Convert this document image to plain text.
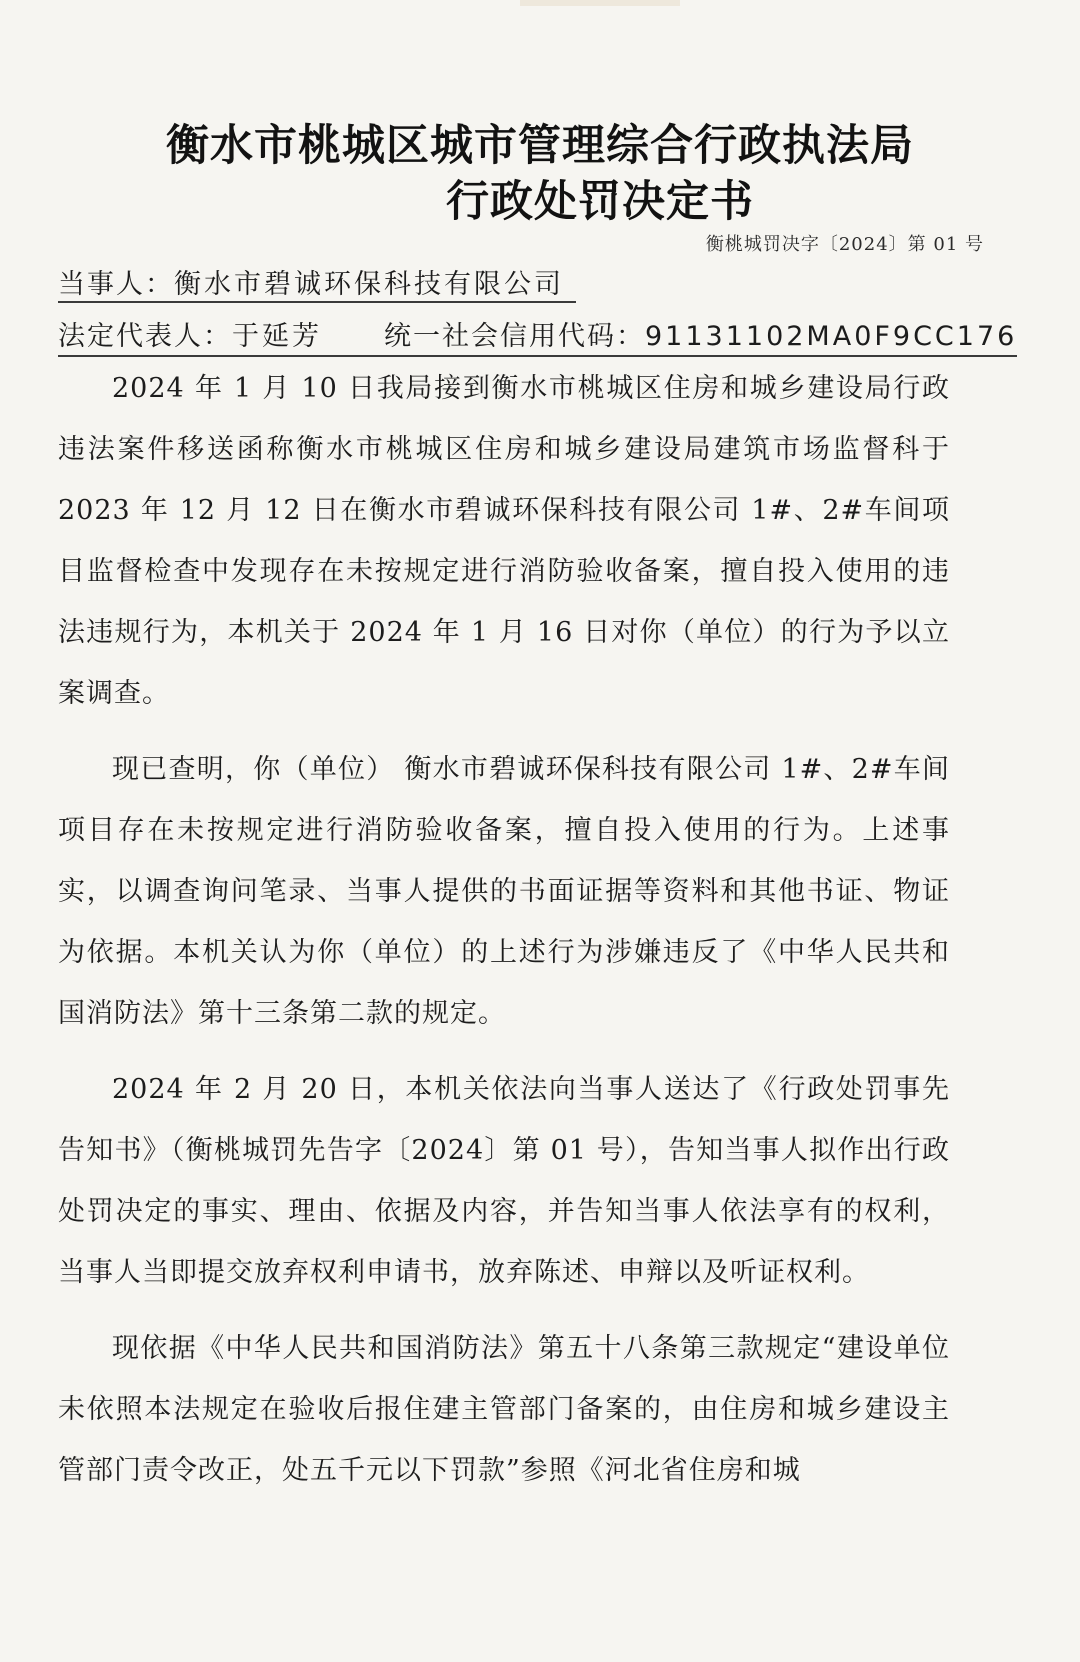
衡水市桃城区城市管理综合行政执法局
行政处罚决定书
衡桃城罚决字〔2024〕第 01 号
当事人：衡水市碧诚环保科技有限公司
法定代表人：于延芳 统一社会信用代码：91131102MA0F9CC176

2024 年 1 月 10 日我局接到衡水市桃城区住房和城乡建设局行政违法案件移送函称衡水市桃城区住房和城乡建设局建筑市场监督科于 2023 年 12 月 12 日在衡水市碧诚环保科技有限公司 1#、2#车间项目监督检查中发现存在未按规定进行消防验收备案，擅自投入使用的违法违规行为，本机关于 2024 年 1 月 16 日对你（单位）的行为予以立案调查。

现已查明，你（单位） 衡水市碧诚环保科技有限公司 1#、2#车间项目存在未按规定进行消防验收备案，擅自投入使用的行为。上述事实，以调查询问笔录、当事人提供的书面证据等资料和其他书证、物证为依据。本机关认为你（单位）的上述行为涉嫌违反了《中华人民共和国消防法》第十三条第二款的规定。

2024 年 2 月 20 日，本机关依法向当事人送达了《行政处罚事先告知书》（衡桃城罚先告字〔2024〕第 01 号），告知当事人拟作出行政处罚决定的事实、理由、依据及内容，并告知当事人依法享有的权利，当事人当即提交放弃权利申请书，放弃陈述、申辩以及听证权利。

现依据《中华人民共和国消防法》第五十八条第三款规定“建设单位未依照本法规定在验收后报住建主管部门备案的，由住房和城乡建设主管部门责令改正，处五千元以下罚款”参照《河北省住房和城
